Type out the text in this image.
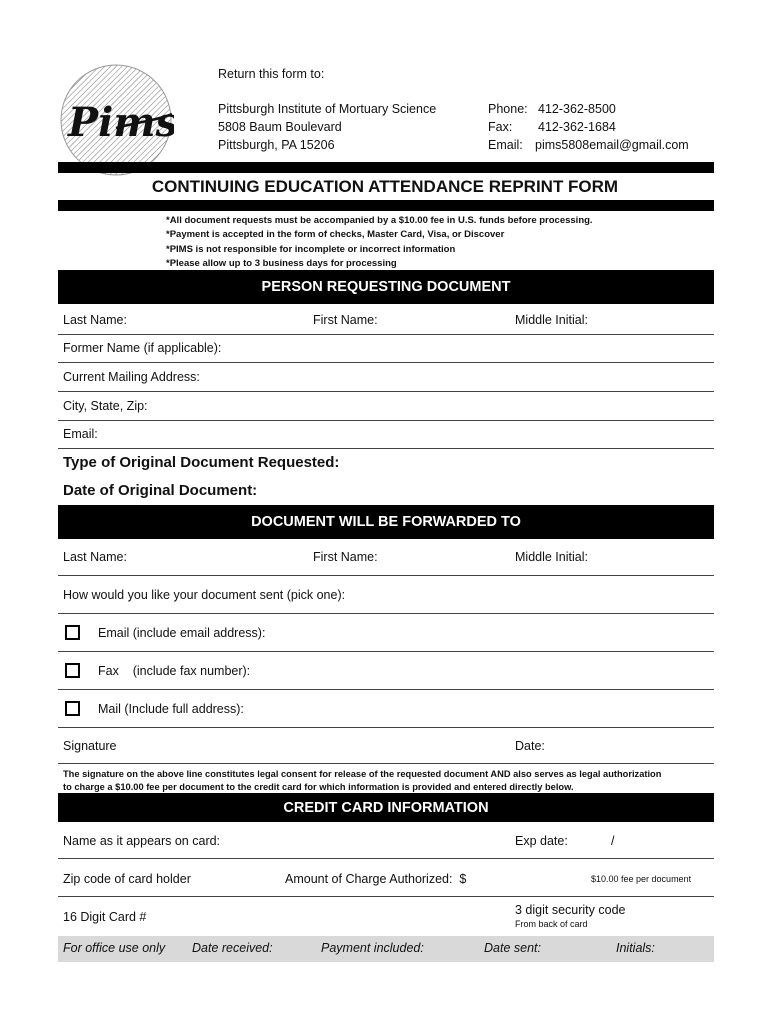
Pims
Return this form to:
Pittsburgh Institute of Mortuary Science
5808 Baum Boulevard
Pittsburgh, PA 15206
Phone: 412-362-8500
Fax: 412-362-1684
Email: pims5808email@gmail.com
CONTINUING EDUCATION ATTENDANCE REPRINT FORM
*All document requests must be accompanied by a $10.00 fee in U.S. funds before processing.
*Payment is accepted in the form of checks, Master Card, Visa, or Discover
*PIMS is not responsible for incomplete or incorrect information
*Please allow up to 3 business days for processing
PERSON REQUESTING DOCUMENT
Last Name:	First Name:	Middle Initial:
Former Name (if applicable):
Current Mailing Address:
City, State, Zip:
Email:
Type of Original Document Requested:
Date of Original Document:
DOCUMENT WILL BE FORWARDED TO
Last Name:	First Name:	Middle Initial:
How would you like your document sent (pick one):
Email (include email address):
Fax    (include fax number):
Mail (Include full address):
Signature	Date:
The signature on the above line constitutes legal consent for release of the requested document AND also serves as legal authorization
to charge a $10.00 fee per document to the credit card for which information is provided and entered directly below.
CREDIT CARD INFORMATION
Name as it appears on card:	Exp date:	/
Zip code of card holder	Amount of Charge Authorized:  $	$10.00 fee per document
16 Digit Card #	3 digit security code
From back of card
For office use only Date received:	Payment included:	Date sent:	Initials:
